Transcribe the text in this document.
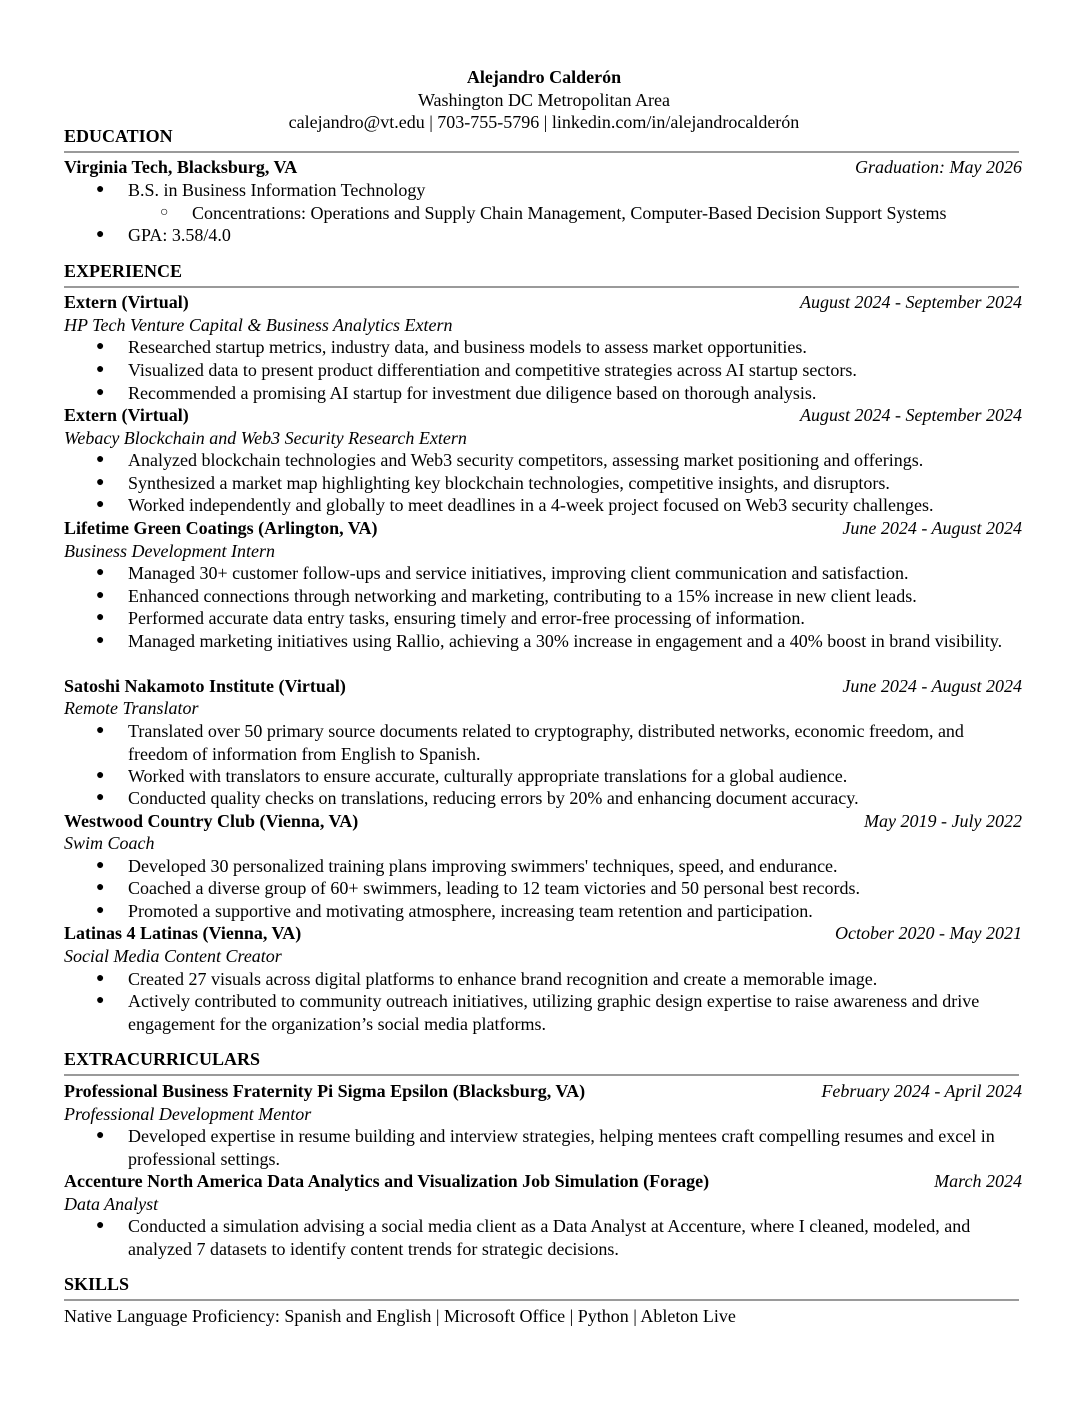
Alejandro Calderón
Washington DC Metropolitan Area
calejandro@vt.edu | 703-755-5796 | linkedin.com/in/alejandrocalderón
EDUCATION
Virginia Tech, Blacksburg, VA	Graduation: May 2026
● B.S. in Business Information Technology
○ Concentrations: Operations and Supply Chain Management, Computer-Based Decision Support Systems
● GPA: 3.58/4.0
EXPERIENCE
Extern (Virtual)	August 2024 - September 2024
HP Tech Venture Capital & Business Analytics Extern
● Researched startup metrics, industry data, and business models to assess market opportunities.
● Visualized data to present product differentiation and competitive strategies across AI startup sectors.
● Recommended a promising AI startup for investment due diligence based on thorough analysis.
Extern (Virtual)	August 2024 - September 2024
Webacy Blockchain and Web3 Security Research Extern
● Analyzed blockchain technologies and Web3 security competitors, assessing market positioning and offerings.
● Synthesized a market map highlighting key blockchain technologies, competitive insights, and disruptors.
● Worked independently and globally to meet deadlines in a 4-week project focused on Web3 security challenges.
Lifetime Green Coatings (Arlington, VA)	June 2024 - August 2024
Business Development Intern
● Managed 30+ customer follow-ups and service initiatives, improving client communication and satisfaction.
● Enhanced connections through networking and marketing, contributing to a 15% increase in new client leads.
● Performed accurate data entry tasks, ensuring timely and error-free processing of information.
● Managed marketing initiatives using Rallio, achieving a 30% increase in engagement and a 40% boost in brand visibility.
Satoshi Nakamoto Institute (Virtual)	June 2024 - August 2024
Remote Translator
● Translated over 50 primary source documents related to cryptography, distributed networks, economic freedom, and freedom of information from English to Spanish.
● Worked with translators to ensure accurate, culturally appropriate translations for a global audience.
● Conducted quality checks on translations, reducing errors by 20% and enhancing document accuracy.
Westwood Country Club (Vienna, VA)	May 2019 - July 2022
Swim Coach
● Developed 30 personalized training plans improving swimmers' techniques, speed, and endurance.
● Coached a diverse group of 60+ swimmers, leading to 12 team victories and 50 personal best records.
● Promoted a supportive and motivating atmosphere, increasing team retention and participation.
Latinas 4 Latinas (Vienna, VA)	October 2020 - May 2021
Social Media Content Creator
● Created 27 visuals across digital platforms to enhance brand recognition and create a memorable image.
● Actively contributed to community outreach initiatives, utilizing graphic design expertise to raise awareness and drive engagement for the organization’s social media platforms.
EXTRACURRICULARS
Professional Business Fraternity Pi Sigma Epsilon (Blacksburg, VA)	February 2024 - April 2024
Professional Development Mentor
● Developed expertise in resume building and interview strategies, helping mentees craft compelling resumes and excel in professional settings.
Accenture North America Data Analytics and Visualization Job Simulation (Forage)	March 2024
Data Analyst
● Conducted a simulation advising a social media client as a Data Analyst at Accenture, where I cleaned, modeled, and analyzed 7 datasets to identify content trends for strategic decisions.
SKILLS
Native Language Proficiency: Spanish and English | Microsoft Office | Python | Ableton Live
